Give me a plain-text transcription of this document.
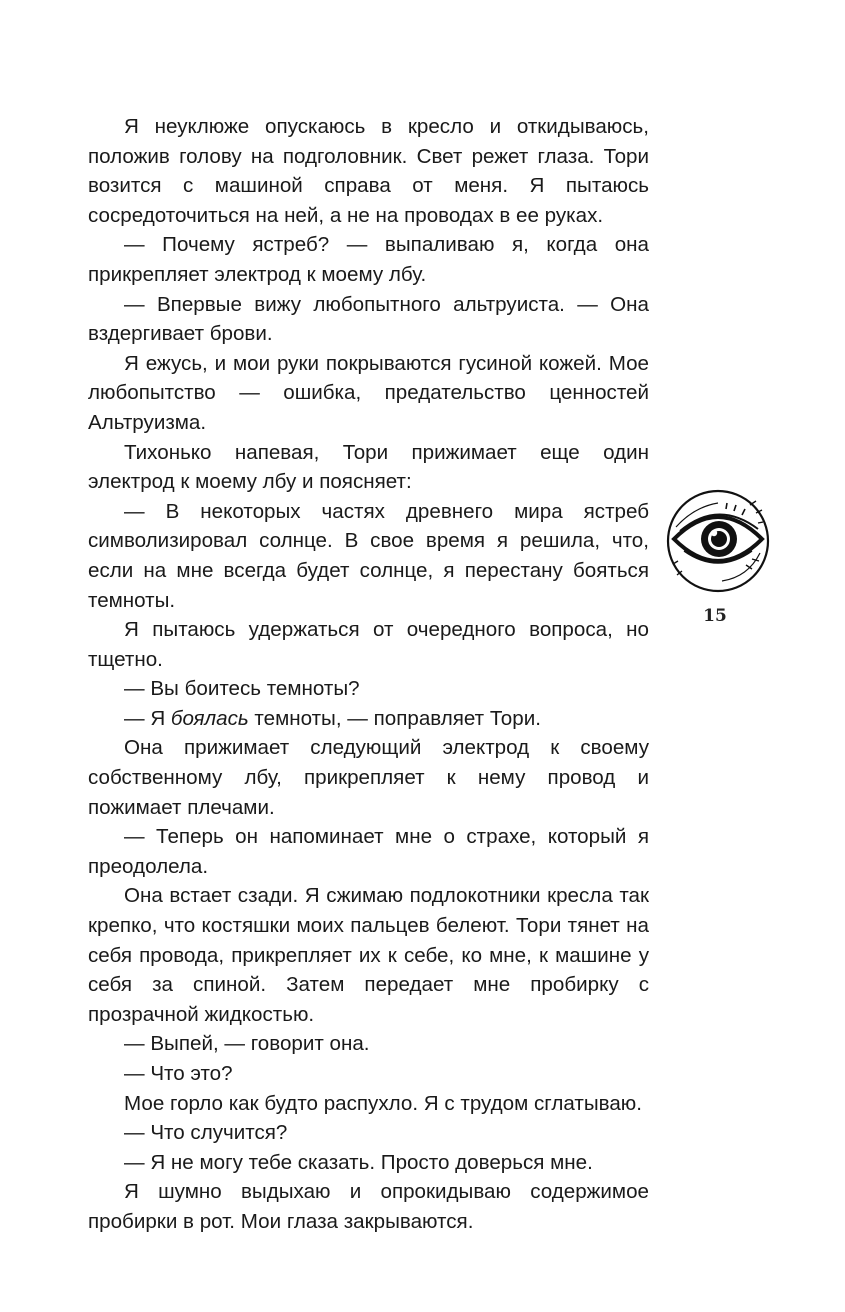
Я неуклюже опускаюсь в кресло и откидываюсь, положив голову на подголовник. Свет режет глаза. Тори возится с машиной справа от меня. Я пытаюсь сосредоточиться на ней, а не на проводах в ее руках.

— Почему ястреб? — выпаливаю я, когда она прикрепляет электрод к моему лбу.

— Впервые вижу любопытного альтруиста. — Она вздергивает брови.

Я ежусь, и мои руки покрываются гусиной кожей. Мое любопытство — ошибка, предательство ценностей Альтруизма.

Тихонько напевая, Тори прижимает еще один электрод к моему лбу и поясняет:

— В некоторых частях древнего мира ястреб символизировал солнце. В свое время я решила, что, если на мне всегда будет солнце, я перестану бояться темноты.

Я пытаюсь удержаться от очередного вопроса, но тщетно.

— Вы боитесь темноты?

— Я боялась темноты, — поправляет Тори.

Она прижимает следующий электрод к своему собственному лбу, прикрепляет к нему провод и пожимает плечами.

— Теперь он напоминает мне о страхе, который я преодолела.

Она встает сзади. Я сжимаю подлокотники кресла так крепко, что костяшки моих пальцев белеют. Тори тянет на себя провода, прикрепляет их к себе, ко мне, к машине у себя за спиной. Затем передает мне пробирку с прозрачной жидкостью.

— Выпей, — говорит она.

— Что это?

Мое горло как будто распухло. Я с трудом сглатываю.

— Что случится?

— Я не могу тебе сказать. Просто доверься мне.

Я шумно выдыхаю и опрокидываю содержимое пробирки в рот. Мои глаза закрываются.

15
